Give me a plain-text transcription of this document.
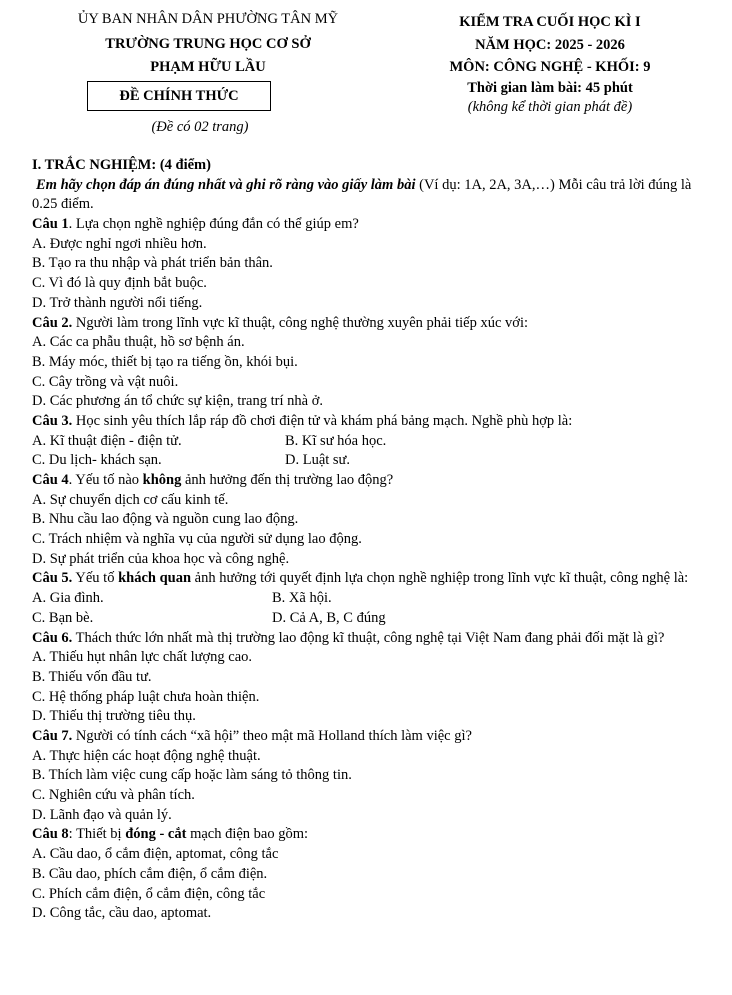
ỦY BAN NHÂN DÂN PHƯỜNG TÂN MỸ
TRƯỜNG TRUNG HỌC CƠ SỞ
PHẠM HỮU LẦU
ĐỀ CHÍNH THỨC
(Đề có 02 trang)
KIỂM TRA CUỐI HỌC KÌ I
NĂM HỌC: 2025 - 2026
MÔN: CÔNG NGHỆ - KHỐI: 9
Thời gian làm bài: 45 phút
(không kể thời gian phát đề)
I. TRẮC NGHIỆM: (4 điểm)
Em hãy chọn đáp án đúng nhất và ghi rõ ràng vào giấy làm bài (Ví dụ: 1A, 2A, 3A,…) Mỗi câu trả lời đúng là 0.25 điểm.
Câu 1. Lựa chọn nghề nghiệp đúng đắn có thể giúp em?
A. Được nghỉ ngơi nhiều hơn.
B. Tạo ra thu nhập và phát triển bản thân.
C. Vì đó là quy định bắt buộc.
D. Trở thành người nổi tiếng.
Câu 2. Người làm trong lĩnh vực kĩ thuật, công nghệ thường xuyên phải tiếp xúc với:
A. Các ca phẫu thuật, hồ sơ bệnh án.
B. Máy móc, thiết bị tạo ra tiếng ồn, khói bụi.
C. Cây trồng và vật nuôi.
D. Các phương án tổ chức sự kiện, trang trí nhà ở.
Câu 3. Học sinh yêu thích lắp ráp đồ chơi điện tử và khám phá bảng mạch. Nghề phù hợp là:
A. Kĩ thuật điện - điện tử.	B. Kĩ sư hóa học.
C. Du lịch- khách sạn.	D. Luật sư.
Câu 4. Yếu tố nào không ảnh hưởng đến thị trường lao động?
A. Sự chuyển dịch cơ cấu kinh tế.
B. Nhu cầu lao động và nguồn cung lao động.
C. Trách nhiệm và nghĩa vụ của người sử dụng lao động.
D. Sự phát triển của khoa học và công nghệ.
Câu 5. Yếu tố khách quan ảnh hưởng tới quyết định lựa chọn nghề nghiệp trong lĩnh vực kĩ thuật, công nghệ là:
A. Gia đình.	B. Xã hội.
C. Bạn bè.	D. Cả A, B, C đúng
Câu 6. Thách thức lớn nhất mà thị trường lao động kĩ thuật, công nghệ tại Việt Nam đang phải đối mặt là gì?
A. Thiếu hụt nhân lực chất lượng cao.
B. Thiếu vốn đầu tư.
C. Hệ thống pháp luật chưa hoàn thiện.
D. Thiếu thị trường tiêu thụ.
Câu 7. Người có tính cách “xã hội” theo mật mã Holland thích làm việc gì?
A. Thực hiện các hoạt động nghệ thuật.
B. Thích làm việc cung cấp hoặc làm sáng tỏ thông tin.
C. Nghiên cứu và phân tích.
D. Lãnh đạo và quản lý.
Câu 8: Thiết bị đóng - cắt mạch điện bao gồm:
A. Cầu dao, ổ cắm điện, aptomat, công tắc
B. Cầu dao, phích cắm điện, ổ cắm điện.
C. Phích cắm điện, ổ cắm điện, công tắc
D. Công tắc, cầu dao, aptomat.
